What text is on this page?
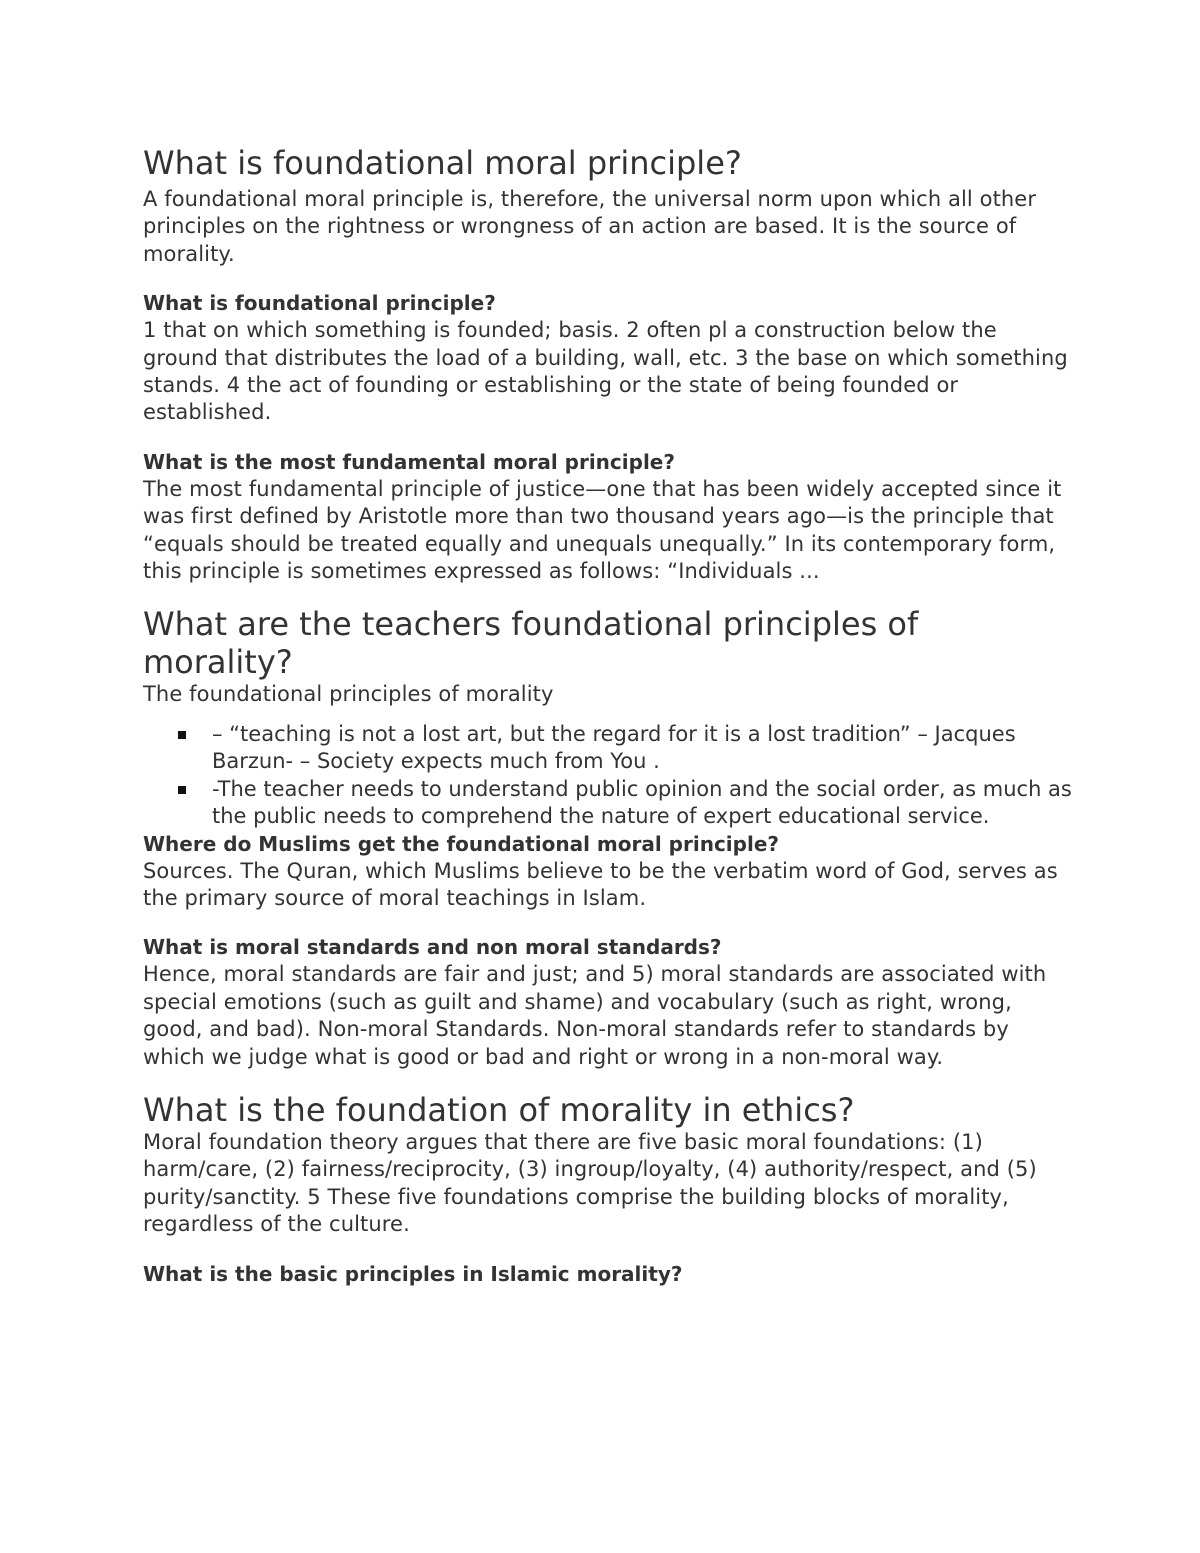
What is foundational moral principle?

A foundational moral principle is, therefore, the universal norm upon which all other principles on the rightness or wrongness of an action are based. It is the source of morality.

What is foundational principle?

1 that on which something is founded; basis. 2 often pl a construction below the ground that distributes the load of a building, wall, etc. 3 the base on which something stands. 4 the act of founding or establishing or the state of being founded or established.

What is the most fundamental moral principle?

The most fundamental principle of justice—one that has been widely accepted since it was first defined by Aristotle more than two thousand years ago—is the principle that “equals should be treated equally and unequals unequally.” In its contemporary form, this principle is sometimes expressed as follows: “Individuals ...

What are the teachers foundational principles of morality?

The foundational principles of morality

– “teaching is not a lost art, but the regard for it is a lost tradition” – Jacques Barzun- – Society expects much from You .
-The teacher needs to understand public opinion and the social order, as much as the public needs to comprehend the nature of expert educational service.
Where do Muslims get the foundational moral principle?

Sources. The Quran, which Muslims believe to be the verbatim word of God, serves as the primary source of moral teachings in Islam.

What is moral standards and non moral standards?

Hence, moral standards are fair and just; and 5) moral standards are associated with special emotions (such as guilt and shame) and vocabulary (such as right, wrong, good, and bad). Non-moral Standards. Non-moral standards refer to standards by which we judge what is good or bad and right or wrong in a non-moral way.

What is the foundation of morality in ethics?

Moral foundation theory argues that there are five basic moral foundations: (1) harm/care, (2) fairness/reciprocity, (3) ingroup/loyalty, (4) authority/respect, and (5) purity/sanctity. 5 These five foundations comprise the building blocks of morality, regardless of the culture.

What is the basic principles in Islamic morality?
